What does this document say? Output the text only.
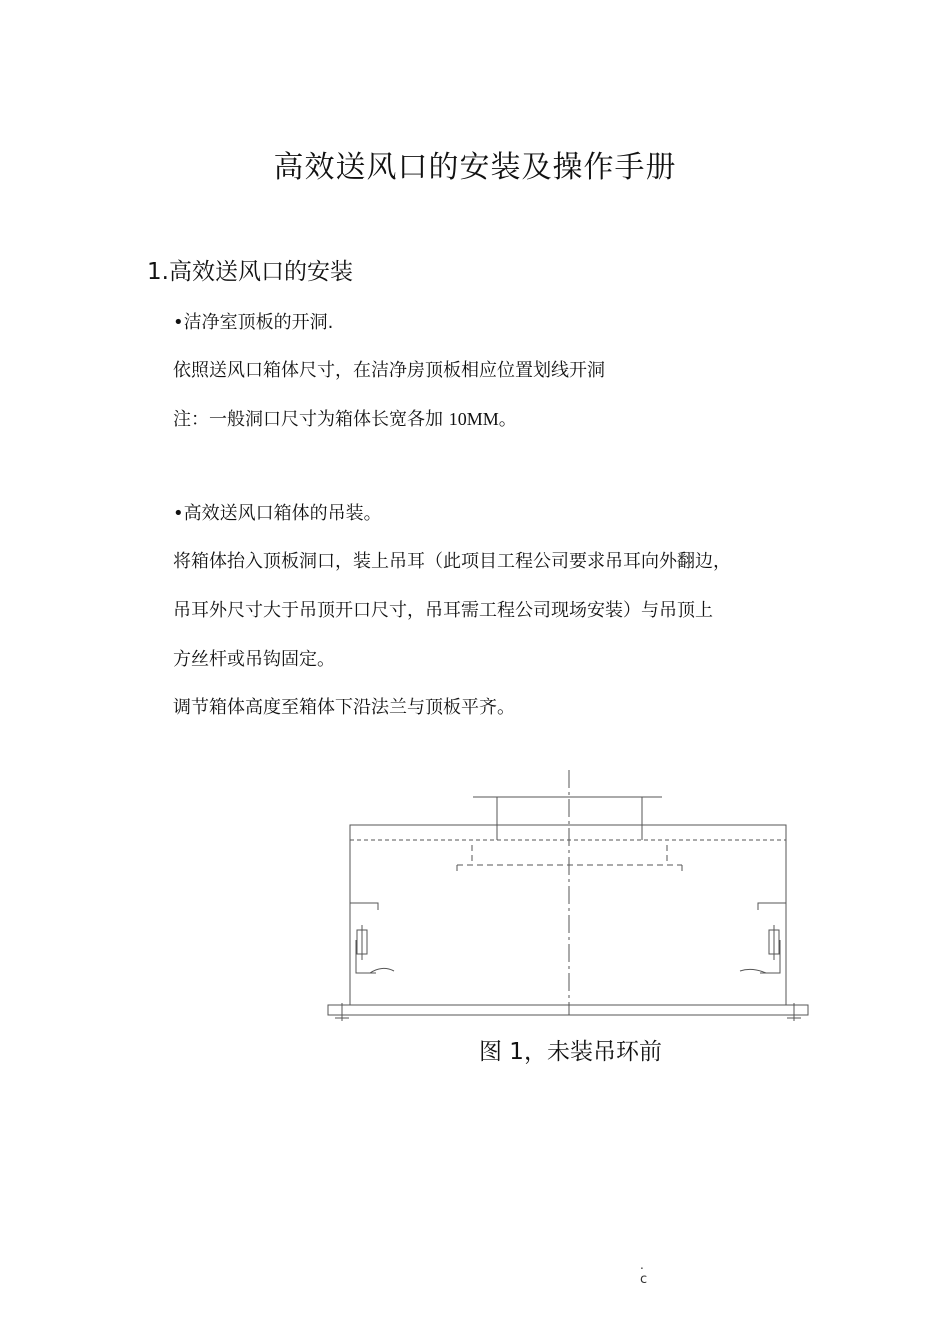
高效送风口的安装及操作手册
1.高效送风口的安装
•洁净室顶板的开洞.
依照送风口箱体尺寸，在洁净房顶板相应位置划线开洞
注：一般洞口尺寸为箱体长宽各加 10MM。
•高效送风口箱体的吊装。
将箱体抬入顶板洞口，装上吊耳（此项目工程公司要求吊耳向外翻边，
吊耳外尺寸大于吊顶开口尺寸，吊耳需工程公司现场安装）与吊顶上
方丝杆或吊钩固定。
调节箱体高度至箱体下沿法兰与顶板平齐。
图 1，未装吊环前
.
c
